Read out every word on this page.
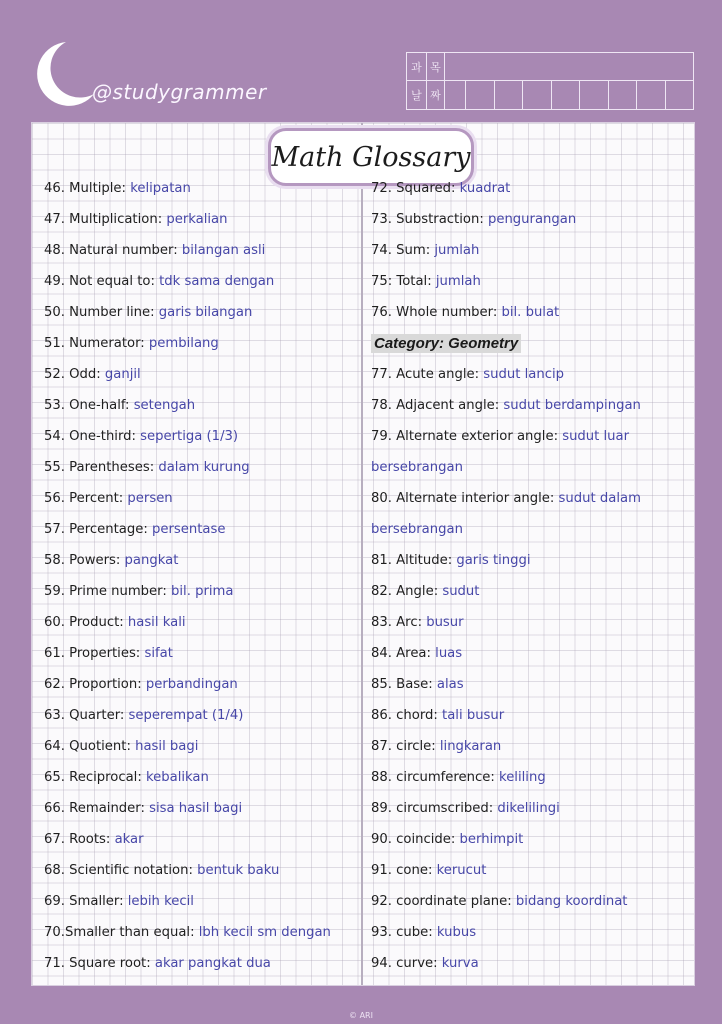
@studygrammer
과 목
날 짜
Math Glossary
46. Multiple: kelipatan
47. Multiplication: perkalian
48. Natural number: bilangan asli
49. Not equal to: tdk sama dengan
50. Number line: garis bilangan
51. Numerator: pembilang
52. Odd: ganjil
53. One-half: setengah
54. One-third: sepertiga (1/3)
55. Parentheses: dalam kurung
56. Percent: persen
57. Percentage: persentase
58. Powers: pangkat
59. Prime number: bil. prima
60. Product: hasil kali
61. Properties: sifat
62. Proportion: perbandingan
63. Quarter: seperempat (1/4)
64. Quotient: hasil bagi
65. Reciprocal: kebalikan
66. Remainder: sisa hasil bagi
67. Roots: akar
68. Scientific notation: bentuk baku
69. Smaller: lebih kecil
70.Smaller than equal: lbh kecil sm dengan
71. Square root: akar pangkat dua
72. Squared: kuadrat
73. Substraction: pengurangan
74. Sum: jumlah
75: Total: jumlah
76. Whole number: bil. bulat
Category: Geometry
77. Acute angle: sudut lancip
78. Adjacent angle: sudut berdampingan
79. Alternate exterior angle: sudut luar
bersebrangan
80. Alternate interior angle: sudut dalam
bersebrangan
81. Altitude: garis tinggi
82. Angle: sudut
83. Arc: busur
84. Area: luas
85. Base: alas
86. chord: tali busur
87. circle: lingkaran
88. circumference: keliling
89. circumscribed: dikelilingi
90. coincide: berhimpit
91. cone: kerucut
92. coordinate plane: bidang koordinat
93. cube: kubus
94. curve: kurva
© ARI
